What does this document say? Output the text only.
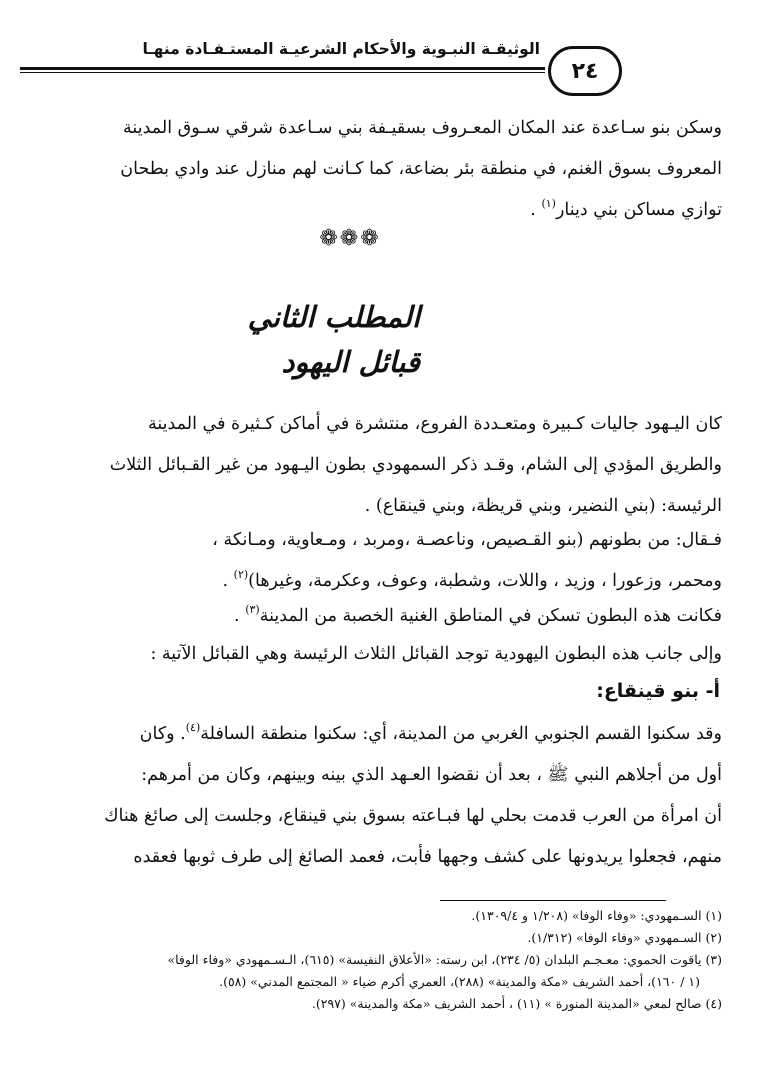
الوثيقـة النبـوية والأحكام الشرعيـة المستـفـادة منهـا
٢٤
وسكن بنو سـاعدة عند المكان المعـروف بسقيـفة بني سـاعدة شرقي سـوق المدينة
المعروف بسوق الغنم، في منطقة بئر بضاعة، كما كـانت لهم منازل عند وادي بطحان
توازي مساكن بني دينار$^{(١)}$ .
❁❁❁
المطلب الثاني
قبائل اليهود
كان اليـهود جاليات كـبيرة ومتعـددة الفروع، منتشرة في أماكن كـثيرة في المدينة
والطريق المؤدي إلى الشام، وقـد ذكر السمهودي بطون اليـهود من غير القـبائل الثلاث
الرئيسة: (بني النضير، وبني قريظة، وبني قينقاع) .
فـقال: من بطونهم (بنو القـصيص، وناعصـة ،ومربد ، ومـعاوية، ومـانكة ،
ومحمر، وزعورا ، وزيد ، واللات، وشطبة، وعوف، وعكرمة، وغيرها)$^{(٢)}$ .
فكانت هذه البطون تسكن في المناطق الغنية الخصبة من المدينة$^{(٣)}$ .
وإلى جانب هذه البطون اليهودية توجد القبائل الثلاث الرئيسة وهي القبائل الآتية :
أ- بنو قينقاع:
وقد سكنوا القسم الجنوبي الغربي من المدينة، أي: سكنوا منطقة السافلة$^{(٤)}$. وكان
أول من أجلاهم النبي ﷺ ، بعد أن نقضوا العـهد الذي بينه وبينهم، وكان من أمرهم:
أن امرأة من العرب قدمت بحلي لها فبـاعته بسوق بني قينقاع، وجلست إلى صائغ هناك
منهم، فجعلوا يريدونها على كشف وجهها فأبت، فعمد الصائغ إلى طرف ثوبها فعقده
(١) السـمهودي: «وفاء الوفا» (١/٢٠٨ و ١٣٠٩/٤).
(٢) السـمهودي «وفاء الوفا» (١/٣١٢).
(٣) ياقوت الحموي: معـجـم البلدان (٥/ ٢٣٤)، ابن رسته: «الأعلاق النفيسة» (٦١٥)، الـسـمهودي «وفاء الوفا»
(١ / ١٦٠)، أحمد الشريف «مكة والمدينة» (٢٨٨)، العمري أكرم ضياء « المجتمع المدني» (٥٨).
(٤) صالح لمعي «المدينة المنورة » (١١) ، أحمد الشريف «مكة والمدينة» (٢٩٧).
